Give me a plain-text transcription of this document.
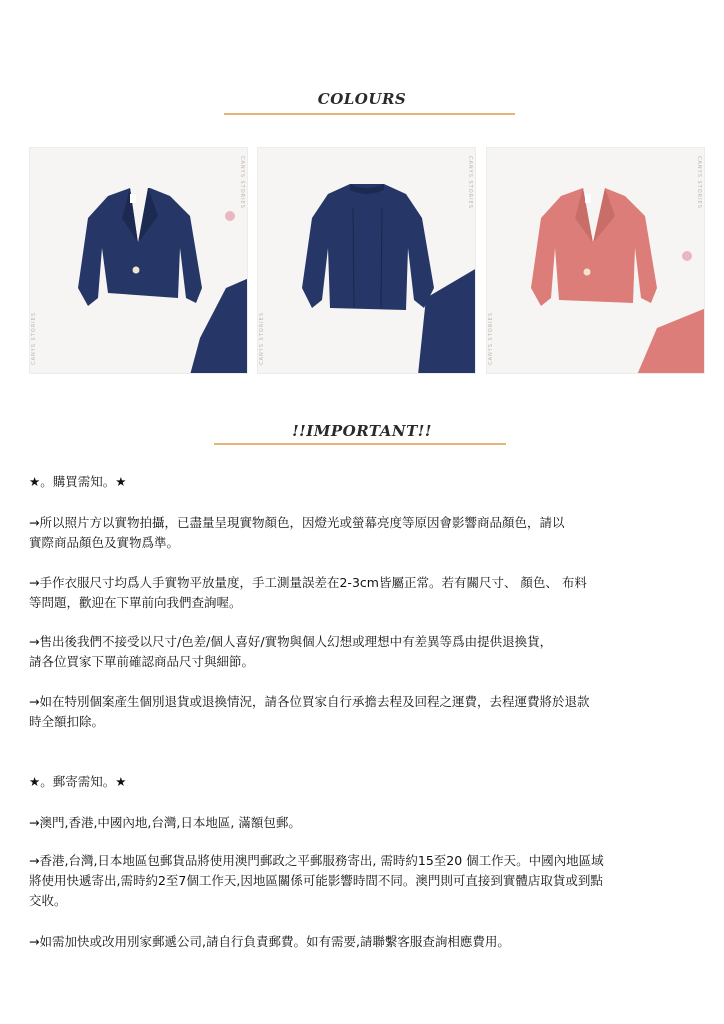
COLOURS
CANYS STORIES
CANYS STORIES
CANYS STORIES
CANYS STORIES
CANYS STORIES
CANYS STORIES
!!IMPORTANT!!
★。購買需知。★
→所以照片方以實物拍攝，已盡量呈現實物顏色，因燈光或螢幕亮度等原因會影響商品顏色，請以
實際商品顏色及實物爲準。
→手作衣服尺寸均爲人手實物平放量度，手工測量誤差在2-3cm皆屬正常。若有關尺寸、 顏色、 布料
等問題，歡迎在下單前向我們查詢喔。
→售出後我們不接受以尺寸/色差/個人喜好/實物與個人幻想或理想中有差異等爲由提供退換貨，
請各位買家下單前確認商品尺寸與細節。
→如在特別個案產生個別退貨或退換情況，請各位買家自行承擔去程及回程之運費，去程運費將於退款
時全額扣除。
★。郵寄需知。★
→澳門,香港,中國內地,台灣,日本地區, 滿額包郵。
→香港,台灣,日本地區包郵貨品將使用澳門郵政之平郵服務寄出, 需時約15至20 個工作天。中國內地區域
將使用快遞寄出,需時約2至7個工作天,因地區關係可能影響時間不同。澳門則可直接到實體店取貨或到點
交收。
→如需加快或改用別家郵遞公司,請自行負責郵費。如有需要,請聯繫客服查詢相應費用。
